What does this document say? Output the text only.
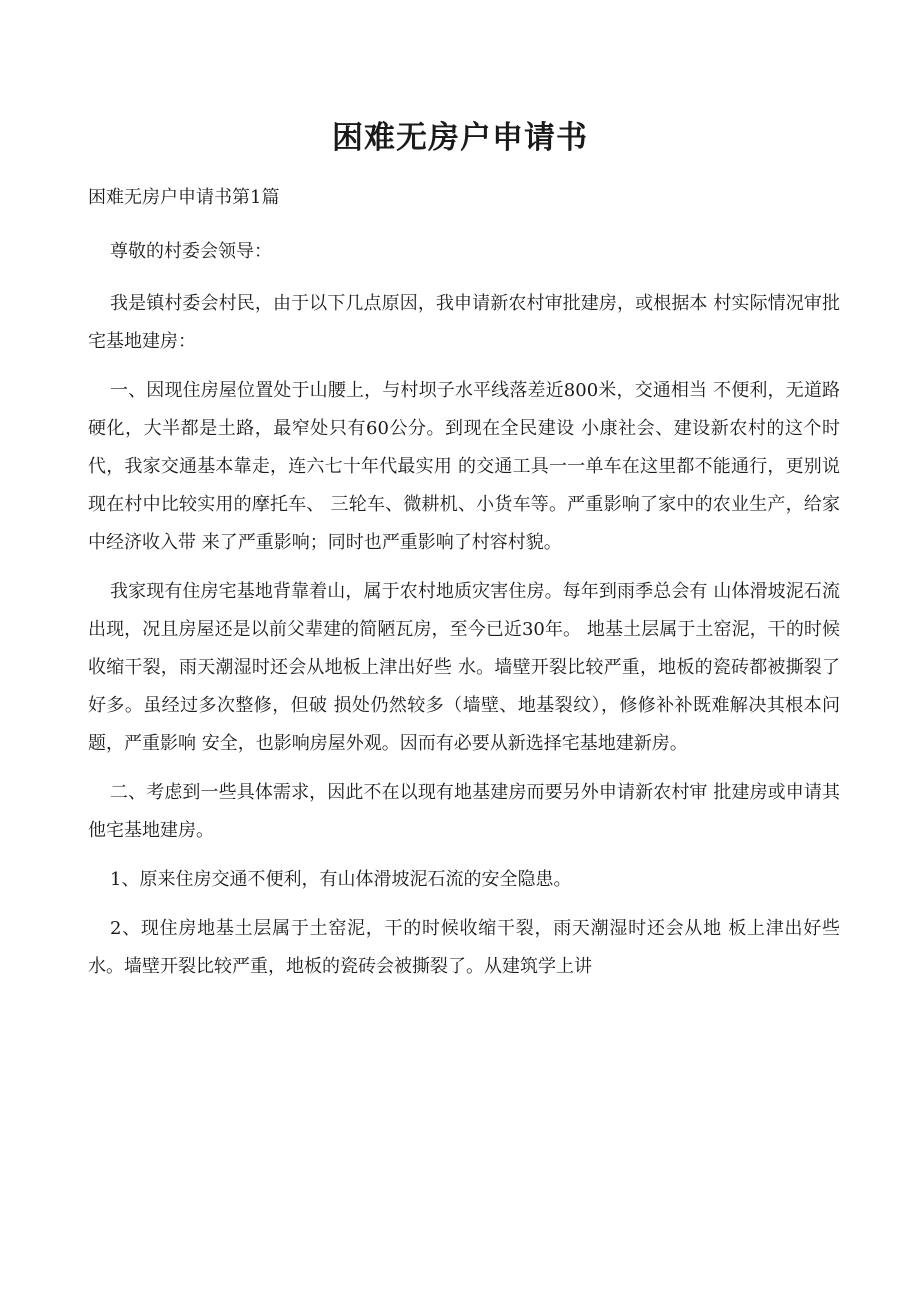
困难无房户申请书

困难无房户申请书第1篇

尊敬的村委会领导：

我是镇村委会村民，由于以下几点原因，我申请新农村审批建房，或根据本 村实际情况审批宅基地建房：

一、因现住房屋位置处于山腰上，与村坝子水平线落差近800米，交通相当 不便利，无道路硬化，大半都是土路，最窄处只有60公分。到现在全民建设 小康社会、建设新农村的这个时代，我家交通基本靠走，连六七十年代最实用 的交通工具一一单车在这里都不能通行，更别说现在村中比较实用的摩托车、 三轮车、微耕机、小货车等。严重影响了家中的农业生产，给家中经济收入带 来了严重影响；同时也严重影响了村容村貌。

我家现有住房宅基地背靠着山，属于农村地质灾害住房。每年到雨季总会有 山体滑坡泥石流出现，况且房屋还是以前父辈建的简陋瓦房，至今已近30年。 地基土层属于土窑泥，干的时候收缩干裂，雨天潮湿时还会从地板上津出好些 水。墙壁开裂比较严重，地板的瓷砖都被撕裂了好多。虽经过多次整修，但破 损处仍然较多（墙壁、地基裂纹），修修补补既难解决其根本问题，严重影响 安全，也影响房屋外观。因而有必要从新选择宅基地建新房。

二、考虑到一些具体需求，因此不在以现有地基建房而要另外申请新农村审 批建房或申请其他宅基地建房。

1、原来住房交通不便利，有山体滑坡泥石流的安全隐患。

2、现住房地基土层属于土窑泥，干的时候收缩干裂，雨天潮湿时还会从地 板上津出好些水。墙壁开裂比较严重，地板的瓷砖会被撕裂了。从建筑学上讲
